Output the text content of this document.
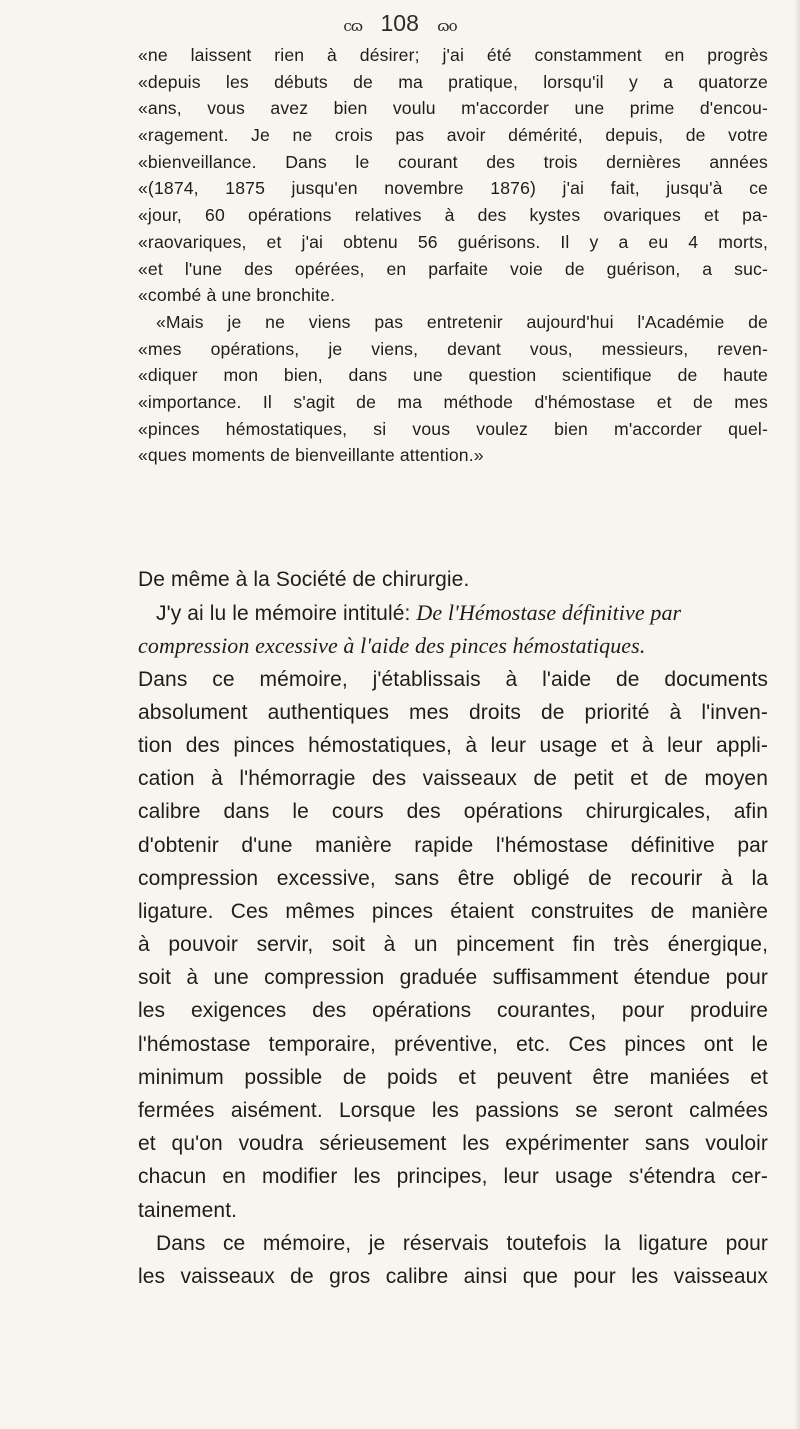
cɷ 108 ɷo
«ne laissent rien à désirer; j'ai été constamment en progrès
«depuis les débuts de ma pratique, lorsqu'il y a quatorze
«ans, vous avez bien voulu m'accorder une prime d'encou-
«ragement. Je ne crois pas avoir démérité, depuis, de votre
«bienveillance. Dans le courant des trois dernières années
«(1874, 1875 jusqu'en novembre 1876) j'ai fait, jusqu'à ce
«jour, 60 opérations relatives à des kystes ovariques et pa-
«raovariques, et j'ai obtenu 56 guérisons. Il y a eu 4 morts,
«et l'une des opérées, en parfaite voie de guérison, a suc-
«combé à une bronchite.
«Mais je ne viens pas entretenir aujourd'hui l'Académie de
«mes opérations, je viens, devant vous, messieurs, reven-
«diquer mon bien, dans une question scientifique de haute
«importance. Il s'agit de ma méthode d'hémostase et de mes
«pinces hémostatiques, si vous voulez bien m'accorder quel-
«ques moments de bienveillante attention.»
De même à la Société de chirurgie.
J'y ai lu le mémoire intitulé: De l'Hémostase définitive par
compression excessive à l'aide des pinces hémostatiques.
Dans ce mémoire, j'établissais à l'aide de documents
absolument authentiques mes droits de priorité à l'inven-
tion des pinces hémostatiques, à leur usage et à leur appli-
cation à l'hémorragie des vaisseaux de petit et de moyen
calibre dans le cours des opérations chirurgicales, afin
d'obtenir d'une manière rapide l'hémostase définitive par
compression excessive, sans être obligé de recourir à la
ligature. Ces mêmes pinces étaient construites de manière
à pouvoir servir, soit à un pincement fin très énergique,
soit à une compression graduée suffisamment étendue pour
les exigences des opérations courantes, pour produire
l'hémostase temporaire, préventive, etc. Ces pinces ont le
minimum possible de poids et peuvent être maniées et
fermées aisément. Lorsque les passions se seront calmées
et qu'on voudra sérieusement les expérimenter sans vouloir
chacun en modifier les principes, leur usage s'étendra cer-
tainement.
Dans ce mémoire, je réservais toutefois la ligature pour
les vaisseaux de gros calibre ainsi que pour les vaisseaux
